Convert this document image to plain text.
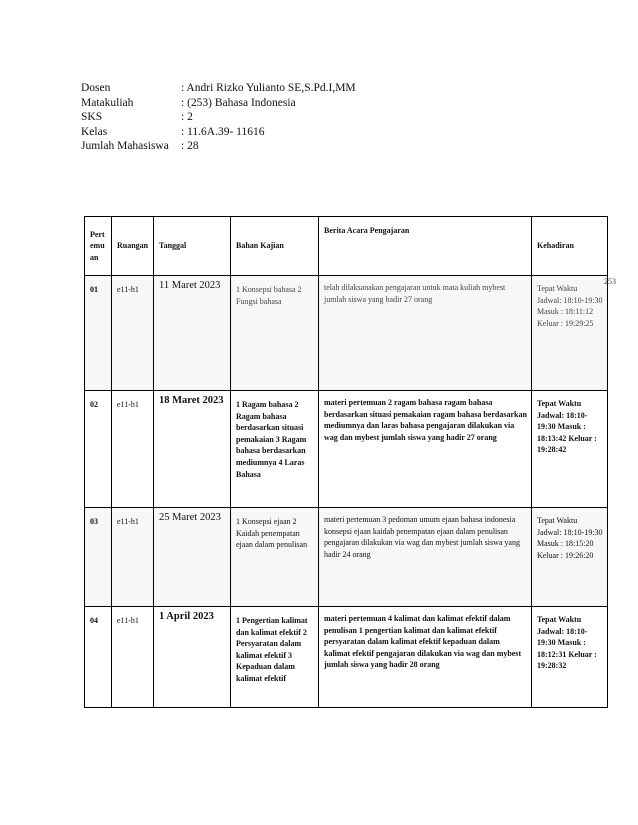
Dosen	: Andri Rizko Yulianto SE,S.Pd.I,MM
Matakuliah	: (253) Bahasa Indonesia
SKS	: 2
Kelas	: 11.6A.39- 11616
Jumlah Mahasiswa	: 28
Pertemuan	Ruangan	Tanggal	Bahan Kajian	Berita Acara Pengajaran	Kehadiran
01	e11-h1	11 Maret 2023	1 Konsepsi bahasa 2 Fungsi bahasa	telah dilaksanakan pengajaran untuk mata kuliah mybest jumlah siswa yang hadir 27 orang	Tepat Waktu Jadwal: 18:10-19:30 Masuk : 18:11:12 Keluar : 19:29:25
02	e11-h1	18 Maret 2023	1 Ragam bahasa 2 Ragam bahasa berdasarkan situasi pemakaian 3 Ragam bahasa berdasarkan mediumnya 4 Laras Bahasa	materi pertemuan 2 ragam bahasa ragam bahasa berdasarkan situasi pemakaian ragam bahasa berdasarkan mediumnya dan laras bahasa pengajaran dilakukan via wag dan mybest jumlah siswa yang hadir 27 orang	Tepat Waktu Jadwal: 18:10-19:30 Masuk : 18:13:42 Keluar : 19:28:42
03	e11-h1	25 Maret 2023	1 Konsepsi ejaan 2 Kaidah penempatan ejaan dalam penulisan	materi pertemuan 3 pedoman umum ejaan bahasa indonesia konsepsi ejaan kaidah penempatan ejaan dalam penulisan pengajaran dilakukan via wag dan mybest jumlah siswa yang hadir 24 orang	Tepat Waktu Jadwal: 18:10-19:30 Masuk : 18:15:20 Keluar : 19:26:20
04	e11-h1	1 April 2023	1 Pengertian kalimat dan kalimat efektif 2 Persyaratan dalam kalimat efektif 3 Kepaduan dalam kalimat efektif	materi pertemuan 4 kalimat dan kalimat efektif dalam penulisan 1 pengertian kalimat dan kalimat efektif persyaratan dalam kalimat efektif kepaduan dalam kalimat efektif pengajaran dilakukan via wag dan mybest jumlah siswa yang hadir 28 orang	Tepat Waktu Jadwal: 18:10-19:30 Masuk : 18:12:31 Keluar : 19:28:32
253
